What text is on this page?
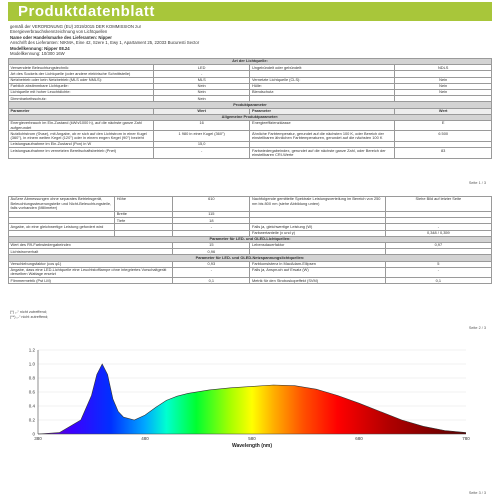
Produktdatenblatt
gemäß der VERORDNUNG (EU) 2019/2015 DER KOMMISSION zur
Energieverbrauchskennzeichnung von Lichtquellen
Name oder Handelsmarke des Lieferanten: Nipper
Anschrift des Lieferanten: NIKMA, Eine 42, Szere 1, Ewy 1, Apartament 25, 22033 Bucuresti Sector
Modellkennung: Nipper 08.24
Modellkennung: 10/300 16W
Art der Lichtquelle:			
Verwendete Beleuchtungstechnik:	LED	Ungebündelt oder gebündelt:	NDLS
Art des Sockels der Lichtquelle (oder andere elektrische Schnittstelle)	-		
Netzbetrieb oder kein Netzbetrieb (MLS oder NMLS):	MLS	Vernetzte Lichtquelle (CLS):	Nein
Farblich abstimmbare Lichtquelle:	Nein	Hülle:	Nein
Lichtquelle mit hoher Leuchtdichte:	Nein	Blendschutz:	Nein
Dimmbarkeitsschutz:	Nein		
Produktparameter			
Parameter	Wert	Parameter	Wert
Allgemeine Produktparameter:			
Energieverbrauch im Ein-Zustand (kWh/1000 h), auf die nächste ganze Zahl aufgerundet	16	Energieeffizienzklasse	E
Nutzlichtstrom (Φuse), mit Angabe, ob er sich auf den Lichtstrom in einer Kugel (360°), in einem weiten Kegel (120°) oder in einem engen Kegel (90°) bezieht	1 980 in einer Kugel (360°)	Ähnliche Farbtemperatur, gerundet auf die nächsten 100 K, oder Bereich der einstellbaren ähnlichen Farbtemperaturen, gerundet auf die nächsten 100 K	6 500
Leistungsaufnahme im Ein-Zustand (Pon) in W	15,0		
Leistungsaufnahme im vernetzten Bereitschaftsbetrieb (Pnet)	-	Farbwiedergabeindex, gerundet auf die nächste ganze Zahl, oder Bereich der einstellbaren CRI-Werte	83
Seite 1 / 3
Äußere Abmessungen ohne separates Betriebsgerät, Beleuchtungssteuerungsteile und Nicht-Beleuchtungsteile, falls vorhanden (Millimeter)	Höhe	610	Nachfolgende gemittelte Spektrale Leistungsverteilung im Bereich von 250 nm bis 800 nm (siehe Abbildung unten)	Siehe Bild auf letzter Seite
	Breite	115		
	Tiefe	18		
Angabe, ob eine gleichwertige Leistung gefordert wird		-	Falls ja, gleichwertige Leistung (W)	-
			Farbwertanteile (x und y)	0,348 / 0,359
Parameter für LED- und OLED-Lichtquellen:				
Wert des R9-Farbwiedergabeindex		15	Lebensdauerfaktor	0,97
Lichtstromerhalt		0,96		
Parameter für LED- und OLED-Netzspannungslichtquellen:				
Verschiebungsfaktor (cos φ1)		0,93	Farbkonsistenz in MacAdam-Ellipsen	5
Angabe, dass eine LED-Lichtquelle eine Leuchtstofflampe ohne integriertes Vorschaltgerät derselben Wattage ersetzt		-	Falls ja, Anspruch auf Ersatz (W)	-
Flimmermetrik (Pst LM)		0,1	Metrik für den Stroboskopeffekt (SVM)	0,1
(*) „-“ nicht zutreffend;
(**) „-“ nicht zutreffend;
Seite 2 / 3
380	480	580	680	780
0
0.2
0.4
0.6
0.8
1.0
1.2
Wavelength (nm)
Seite 3 / 3
